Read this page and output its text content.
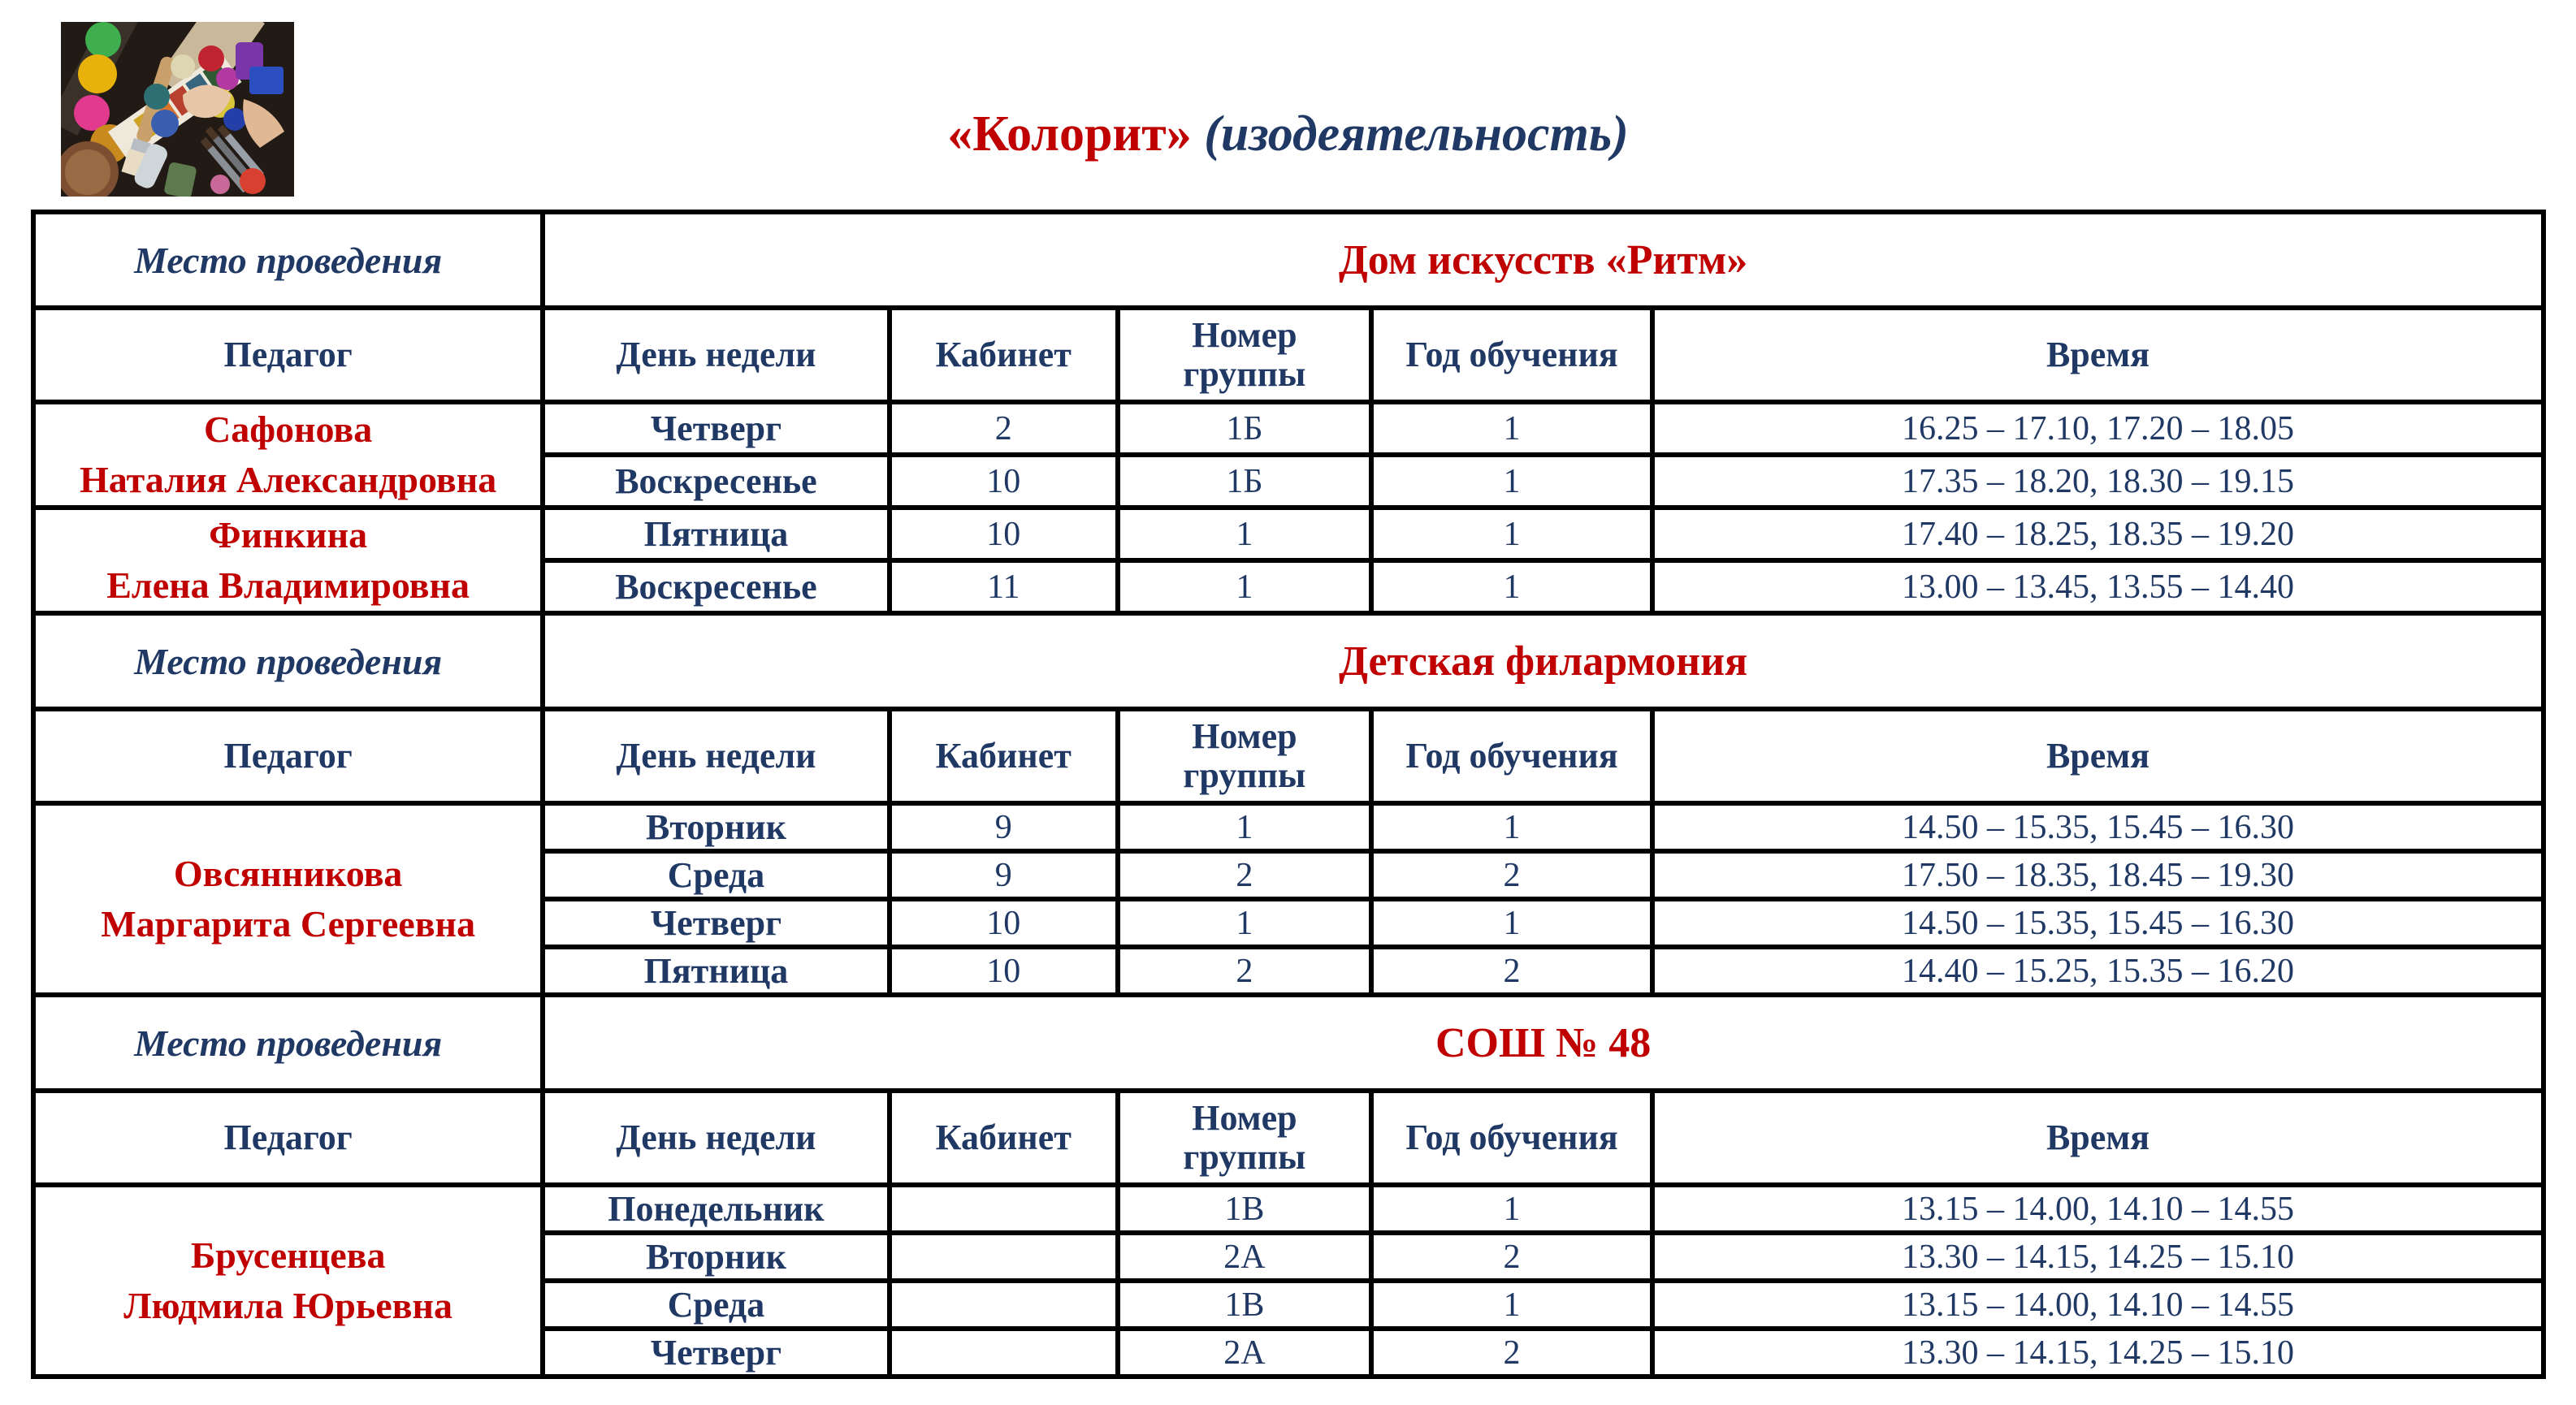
«Колорит» (изодеятельность)
Место проведения	Дом искусств «Ритм»				
Педагог	День недели	Кабинет	Номер группы	Год обучения	Время

Сафонова
Наталия Александровна	Четверг	2	1Б	1	16.25 – 17.10, 17.20 – 18.05
	Воскресенье	10	1Б	1	17.35 – 18.20, 18.30 – 19.15

Финкина
Елена Владимировна	Пятница	10	1	1	17.40 – 18.25, 18.35 – 19.20
	Воскресенье	11	1	1	13.00 – 13.45, 13.55 – 14.40
Место проведения	Детская филармония				
Педагог	День недели	Кабинет	Номер группы	Год обучения	Время

Овсянникова
Маргарита Сергеевна	Вторник	9	1	1	14.50 – 15.35, 15.45 – 16.30
	Среда	9	2	2	17.50 – 18.35, 18.45 – 19.30
	Четверг	10	1	1	14.50 – 15.35, 15.45 – 16.30
	Пятница	10	2	2	14.40 – 15.25, 15.35 – 16.20
Место проведения	СОШ № 48				
Педагог	День недели	Кабинет	Номер группы	Год обучения	Время

Брусенцева
Людмила Юрьевна	Понедельник		1В	1	13.15 – 14.00, 14.10 – 14.55
	Вторник		2А	2	13.30 – 14.15, 14.25 – 15.10
	Среда		1В	1	13.15 – 14.00, 14.10 – 14.55
	Четверг		2А	2	13.30 – 14.15, 14.25 – 15.10
